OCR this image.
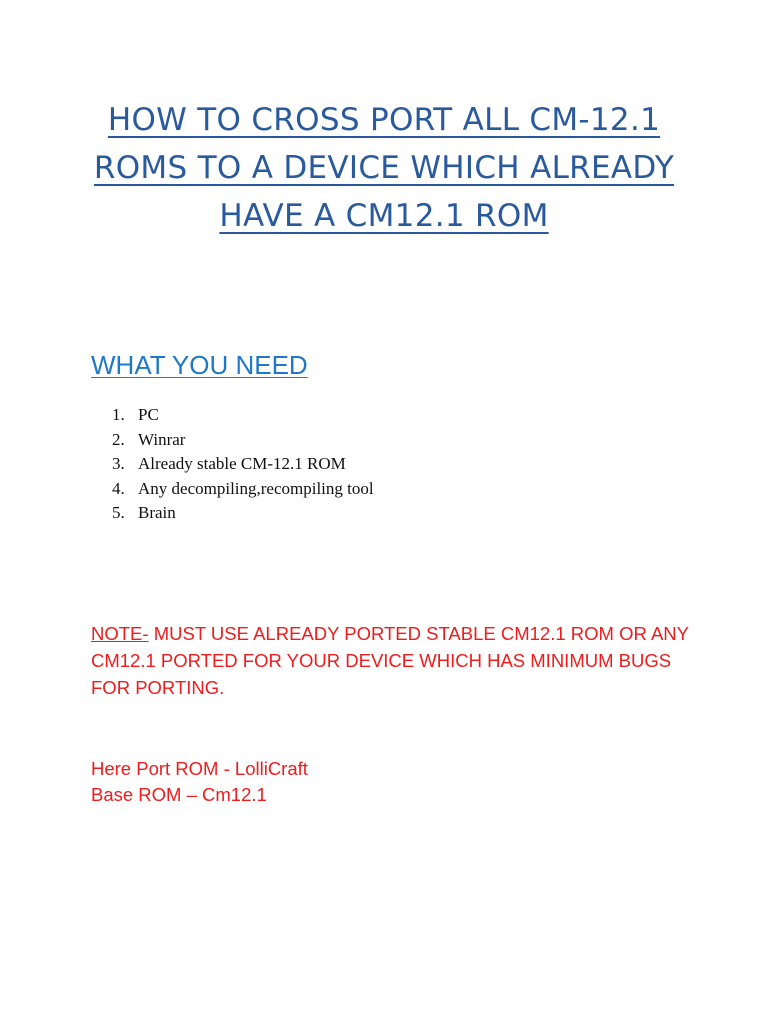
HOW TO CROSS PORT ALL CM-12.1

ROMS TO A DEVICE WHICH ALREADY

HAVE A CM12.1 ROM

WHAT YOU NEED
1. PC
2. Winrar
3. Already stable CM-12.1 ROM
4. Any decompiling,recompiling tool
5. Brain
NOTE- MUST USE ALREADY PORTED STABLE CM12.1 ROM OR ANY CM12.1 PORTED FOR YOUR DEVICE WHICH HAS MINIMUM BUGS FOR PORTING.
Here Port ROM - LolliCraft
Base ROM – Cm12.1
